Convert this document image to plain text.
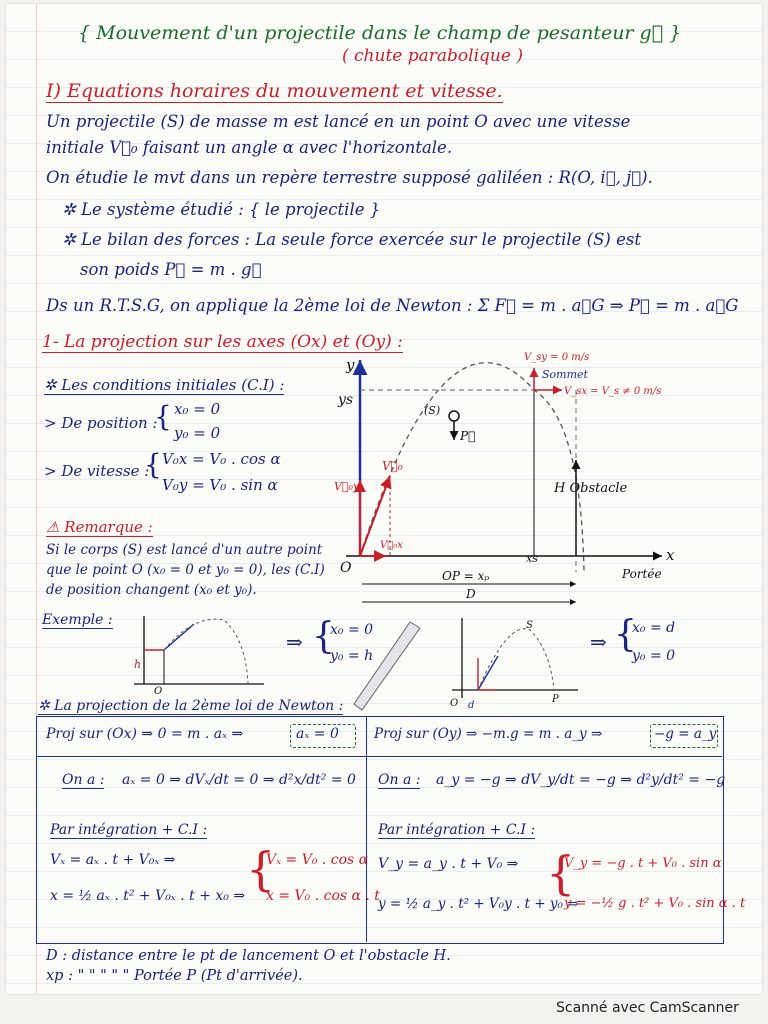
{ Mouvement d'un projectile dans le champ de pesanteur g⃗ }
( chute parabolique )
I) Equations horaires du mouvement et vitesse.
Un projectile (S) de masse m est lancé en un point O avec une vitesse
initiale V⃗₀ faisant un angle α avec l'horizontale.
On étudie le mvt dans un repère terrestre supposé galiléen : R(O, i⃗, j⃗).
✲ Le système étudié : { le projectile }
✲ Le bilan des forces : La seule force exercée sur le projectile (S) est
son poids P⃗ = m . g⃗
Ds un R.T.S.G, on applique la 2ème loi de Newton : Σ F⃗ = m . a⃗G ⇒ P⃗ = m . a⃗G
1- La projection sur les axes (Ox) et (Oy) :
✲ Les conditions initiales (C.I) :
> De position :
{ x₀ = 0
y₀ = 0
> De vitesse :
{ V₀x = V₀ . cos α
V₀y = V₀ . sin α
⚠ Remarque :
Si le corps (S) est lancé d'un autre point
que le point O (x₀ = 0 et y₀ = 0), les (C.I)
de position changent (x₀ et y₀).
y
x
ys
O
V_sy = 0 m/s
Sommet
V_sx = V_s ≠ 0 m/s
(S)
P⃗
V⃗₀
V⃗₀y
V⃗₀x
H Obstacle
xs
Portée
OP = xₚ
D
Exemple :
h
O
⇒ {
x₀ = 0
y₀ = h
S
P
O d
⇒ {
x₀ = d
y₀ = 0
✲ La projection de la 2ème loi de Newton :
Proj sur (Ox) ⇒ 0 = m . aₓ ⇒	aₓ = 0
On a : aₓ = 0 ⇒ dVₓ/dt = 0 ⇒ d²x/dt² = 0
Par intégration + C.I :
Vₓ = aₓ . t + V₀ₓ ⇒
x = ½ aₓ . t² + V₀ₓ . t + x₀ ⇒ {
Vₓ = V₀ . cos α
x = V₀ . cos α . t
Proj sur (Oy) ⇒ −m.g = m . a_y ⇒	−g = a_y
On a : a_y = −g ⇒ dV_y/dt = −g ⇒ d²y/dt² = −g
Par intégration + C.I :
V_y = a_y . t + V₀ ⇒
y = ½ a_y . t² + V₀y . t + y₀ ⇒
{
V_y = −g . t + V₀ . sin α
y = −½ g . t² + V₀ . sin α . t
D : distance entre le pt de lancement O et l'obstacle H.
xp : " " " " " Portée P (Pt d'arrivée).
Scanné avec CamScanner
